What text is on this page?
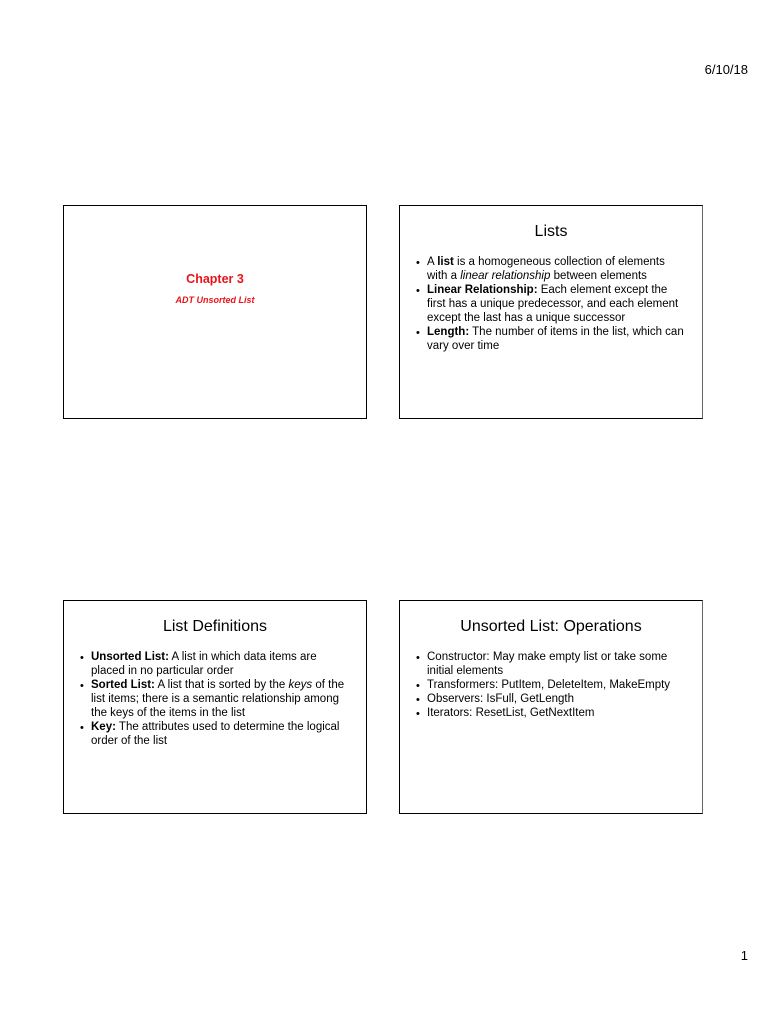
6/10/18
Chapter 3
ADT Unsorted List
Lists
• A list is a homogeneous collection of elements with a linear relationship between elements
• Linear Relationship: Each element except the first has a unique predecessor, and each element except the last has a unique successor
• Length: The number of items in the list, which can vary over time
List Definitions
• Unsorted List: A list in which data items are placed in no particular order
• Sorted List: A list that is sorted by the keys of the list items; there is a semantic relationship among the keys of the items in the list
• Key: The attributes used to determine the logical order of the list
Unsorted List: Operations
• Constructor: May make empty list or take some initial elements
• Transformers: PutItem, DeleteItem, MakeEmpty
• Observers: IsFull, GetLength
• Iterators: ResetList, GetNextItem
1
